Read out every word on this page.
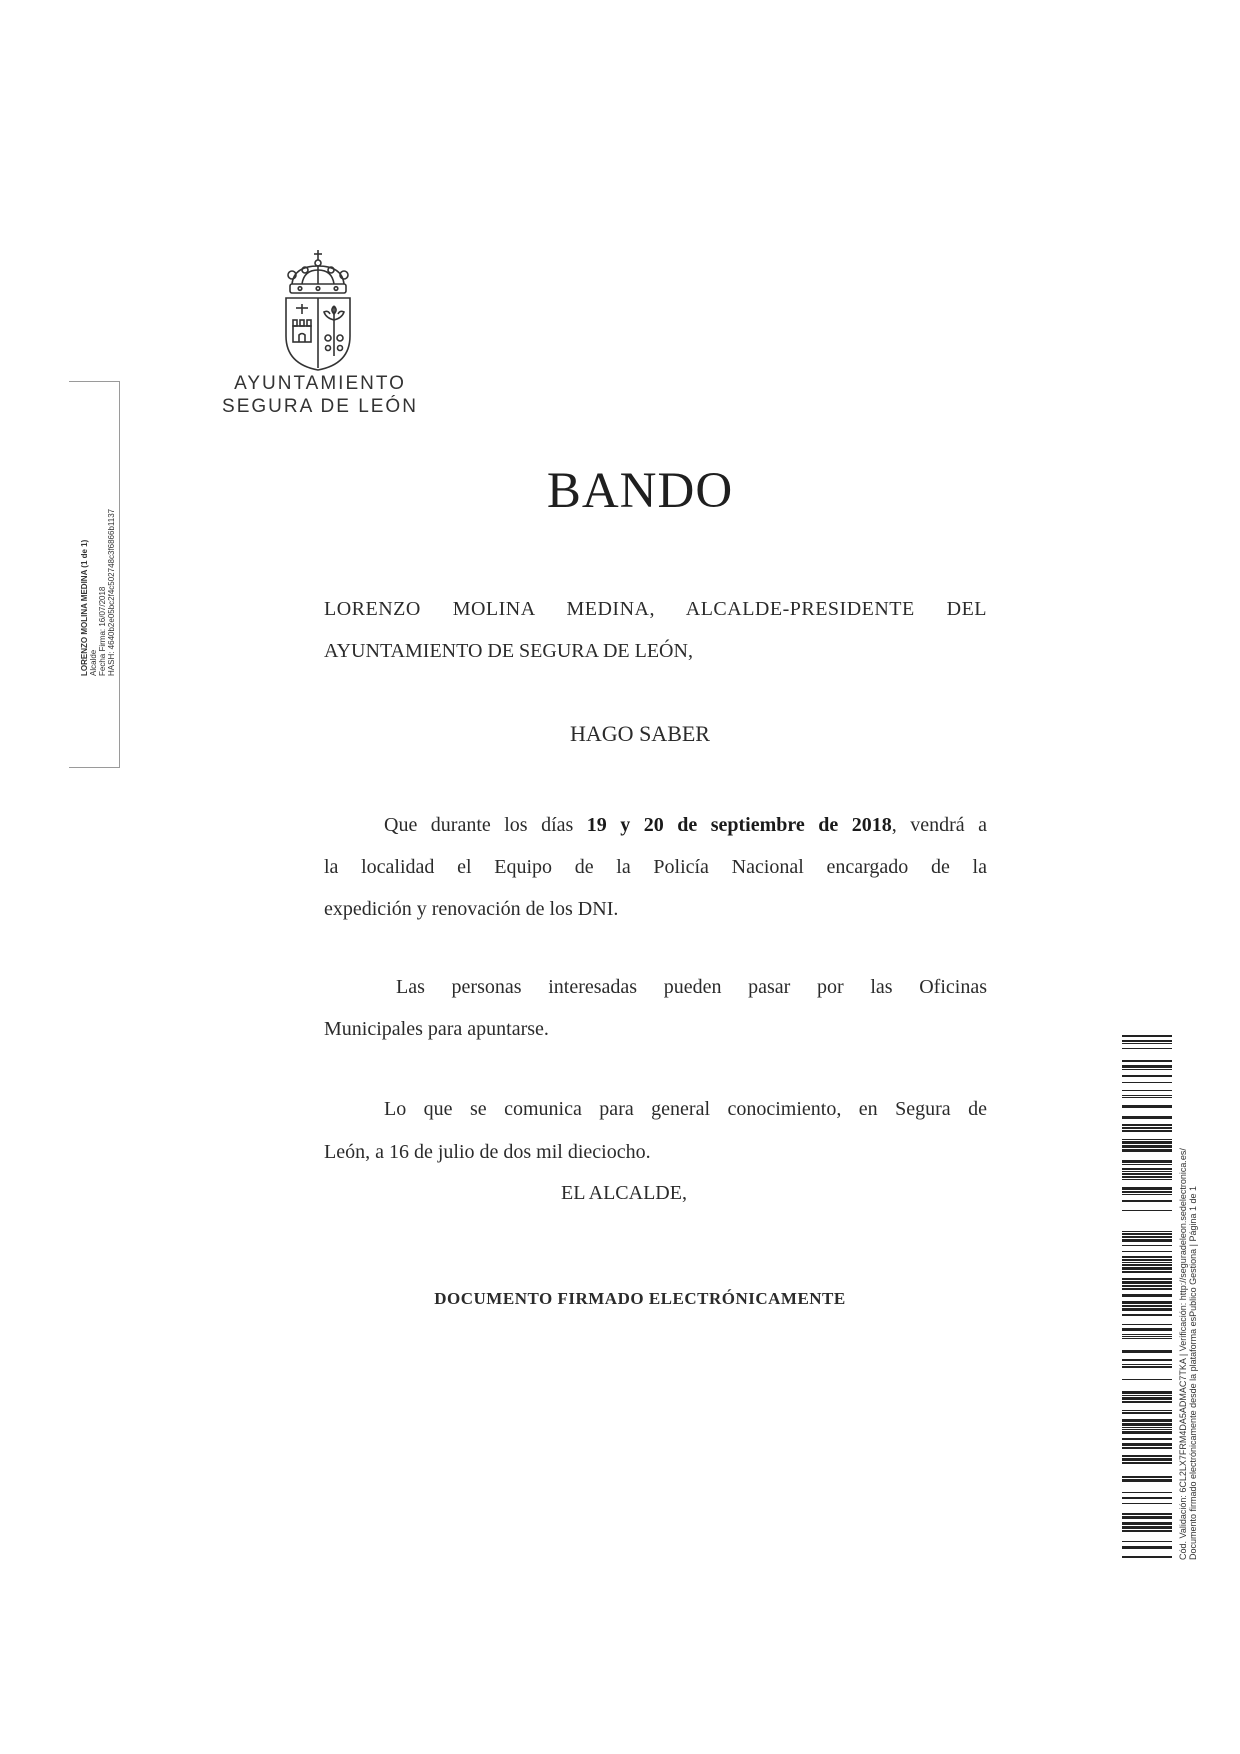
AYUNTAMIENTO
SEGURA DE LEÓN
LORENZO MOLINA MEDINA (1 de 1) Alcalde Fecha Firma: 16/07/2018 HASH: 4640b2e05bc2f4c502748c3f6866b1137
BANDO
LORENZO MOLINA MEDINA, ALCALDE-PRESIDENTE DEL
AYUNTAMIENTO DE SEGURA DE LEÓN,
HAGO SABER
Que durante los días 19 y 20 de septiembre de 2018, vendrá a
la localidad el Equipo de la Policía Nacional encargado de la
expedición y renovación de los DNI.
Las personas interesadas pueden pasar por las Oficinas
Municipales para apuntarse.
Lo que se comunica para general conocimiento, en Segura de
León, a 16 de julio de dos mil dieciocho.
EL ALCALDE,
DOCUMENTO FIRMADO ELECTRÓNICAMENTE	Cód. Validación: 6CL2LX7FRM4DA5ADMAC7TKA | Verificación: http://seguradeleon.sedelectronica.es/ Documento firmado electrónicamente desde la plataforma esPublico Gestiona | Página 1 de 1
